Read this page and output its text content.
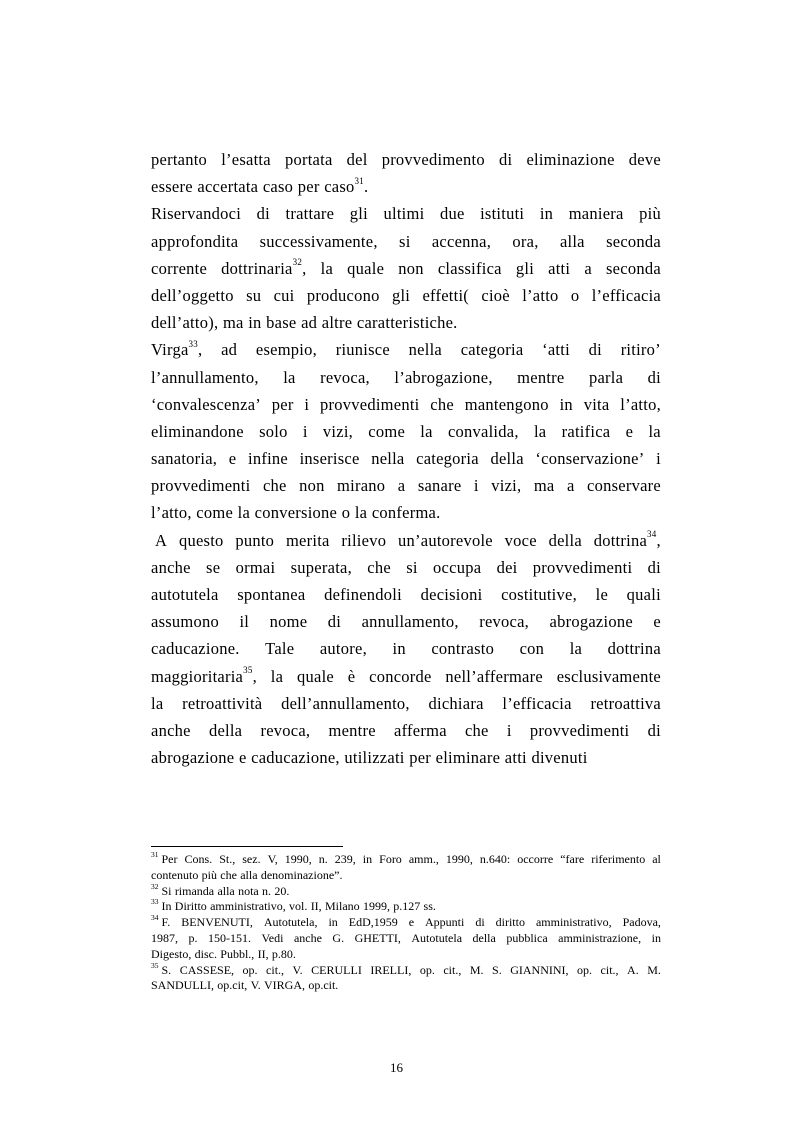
pertanto l’esatta portata del provvedimento di eliminazione deve
essere accertata caso per caso$^{31}$.
Riservandoci di trattare gli ultimi due istituti in maniera più
approfondita successivamente, si accenna, ora, alla seconda
corrente dottrinaria$^{32}$, la quale non classifica gli atti a seconda
dell’oggetto su cui producono gli effetti( cioè l’atto o l’efficacia
dell’atto), ma in base ad altre caratteristiche.
Virga$^{33}$, ad esempio, riunisce nella categoria ‘atti di ritiro’
l’annullamento, la revoca, l’abrogazione, mentre parla di
‘convalescenza’ per i provvedimenti che mantengono in vita l’atto,
eliminandone solo i vizi, come la convalida, la ratifica e la
sanatoria, e infine inserisce nella categoria della ‘conservazione’ i
provvedimenti che non mirano a sanare i vizi, ma a conservare
l’atto, come la conversione o la conferma.
A questo punto merita rilievo un’autorevole voce della dottrina$^{34}$,
anche se ormai superata, che si occupa dei provvedimenti di
autotutela spontanea definendoli decisioni costitutive, le quali
assumono il nome di annullamento, revoca, abrogazione e
caducazione. Tale autore, in contrasto con la dottrina
maggioritaria$^{35}$, la quale è concorde nell’affermare esclusivamente
la retroattività dell’annullamento, dichiara l’efficacia retroattiva
anche della revoca, mentre afferma che i provvedimenti di
abrogazione e caducazione, utilizzati per eliminare atti divenuti
$^{31}$ Per Cons. St., sez. V, 1990, n. 239, in Foro amm., 1990, n.640: occorre “fare riferimento al
contenuto più che alla denominazione”.
$^{32}$ Si rimanda alla nota n. 20.
$^{33}$ In Diritto amministrativo, vol. II, Milano 1999, p.127 ss.
$^{34}$ F. BENVENUTI, Autotutela, in EdD,1959 e Appunti di diritto amministrativo, Padova,
1987, p. 150-151. Vedi anche G. GHETTI, Autotutela della pubblica amministrazione, in
Digesto, disc. Pubbl., II, p.80.
$^{35}$ S. CASSESE, op. cit., V. CERULLI IRELLI, op. cit., M. S. GIANNINI, op. cit., A. M.
SANDULLI, op.cit, V. VIRGA, op.cit.
16
